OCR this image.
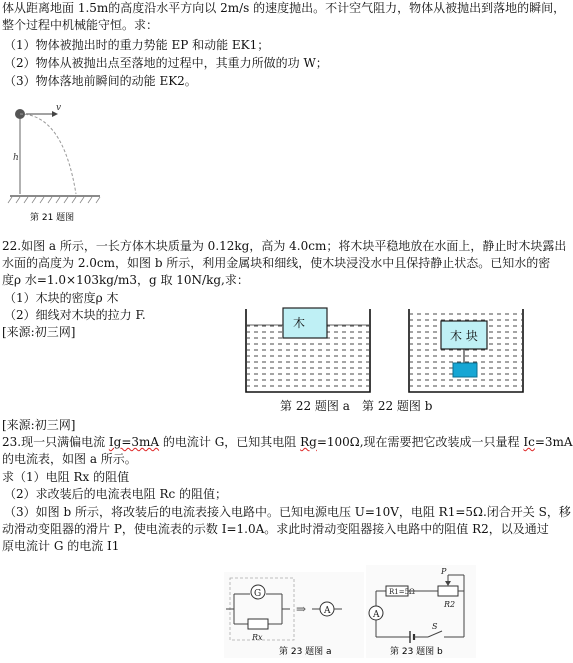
体从距离地面 1.5m的高度沿水平方向以 2m/s 的速度抛出。不计空气阻力，物体从被抛出到落地的瞬间，
整个过程中机械能守恒。求：
（1）物体被抛出时的重力势能 EP 和动能 EK1；
（2）物体从被抛出点至落地的过程中，其重力所做的功 W；
（3）物体落地前瞬间的动能 EK2。
v
h
第 21 题图
22.如图 a 所示，一长方体木块质量为 0.12kg，高为 4.0cm；将木块平稳地放在水面上，静止时木块露出
水面的高度为 2.0cm，如图 b 所示，利用金属块和细线，使木块浸没水中且保持静止状态。已知水的密
度ρ 水=1.0×103kg/m3，g 取 10N/kg,求：
（1）木块的密度ρ 木
（2）细线对木块的拉力 F.
[来源:初三网]
木
木 块
第 22 题图 a 第 22 题图 b
[来源:初三网]
23.现一只满偏电流 Ig=3mA 的电流计 G，已知其电阻 Rg=100Ω,现在需要把它改装成一只量程 Ic=3mA
的电流表，如图 a 所示。
求（1）电阻 Rx 的阻值
（2）求改装后的电流表电阻 Rc 的阻值；
（3）如图 b 所示，将改装后的电流表接入电路中。已知电源电压 U=10V，电阻 R1=5Ω.闭合开关 S，移
动滑动变阻器的滑片 P，使电流表的示数 I=1.0A。求此时滑动变阻器接入电路中的阻值 R2，以及通过
原电流计 G 的电流 I1
G
Rx
⇒ A
第 23 题图 a
R1=5Ω
R2
P
A
S
第 23 题图 b
